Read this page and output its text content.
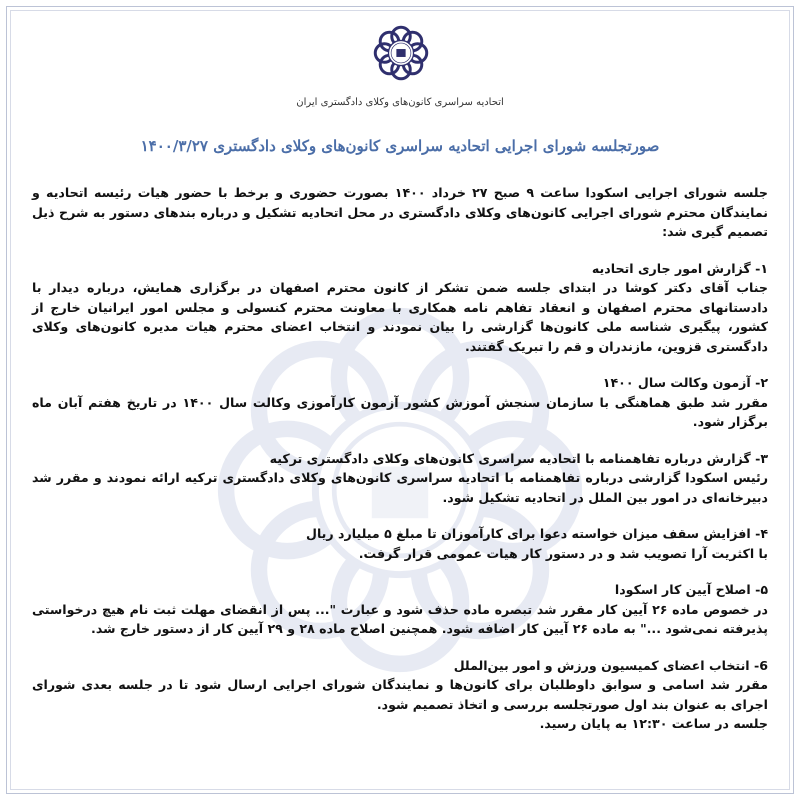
اتحادیه سراسری کانون‌های وکلای دادگستری ایران
صورتجلسه شورای اجرایی اتحادیه سراسری کانون‌های وکلای دادگستری ۱۴۰۰/۳/۲۷

جلسه شورای اجرایی اسکودا ساعت ۹ صبح ۲۷ خرداد ۱۴۰۰ بصورت حضوری و برخط با حضور هیات رئیسه اتحادیه و نمایندگان محترم شورای اجرایی کانون‌های وکلای دادگستری در محل اتحادیه تشکیل و درباره بندهای دستور به شرح ذیل تصمیم گیری شد:

۱- گزارش امور جاری اتحادیه

جناب آقای دکتر کوشا در ابتدای جلسه ضمن تشکر از کانون محترم اصفهان در برگزاری همایش، درباره دیدار با دادستانهای محترم اصفهان و انعقاد تفاهم نامه همکاری با معاونت محترم کنسولی و مجلس امور ایرانیان خارج از کشور، پیگیری شناسه ملی کانون‌ها گزارشی را بیان نمودند و انتخاب اعضای محترم هیات مدیره کانون‌های وکلای دادگستری قزوین، مازندران و قم را تبریک گفتند.

۲- آزمون وکالت سال ۱۴۰۰

مقرر شد طبق هماهنگی با سازمان سنجش آموزش کشور آزمون کارآموزی وکالت سال ۱۴۰۰ در تاریخ هفتم آبان ماه برگزار شود.

۳- گزارش درباره تفاهمنامه با اتحادیه سراسری کانون‌های وکلای دادگستری ترکیه

رئیس اسکودا گزارشی درباره تفاهمنامه با اتحادیه سراسری کانون‌های وکلای دادگستری ترکیه ارائه نمودند و مقرر شد دبیرخانه‌ای در امور بین الملل در اتحادیه تشکیل شود.

۴- افزایش سقف میزان خواسته دعوا برای کارآموزان تا مبلغ ۵ میلیارد ریال

با اکثریت آرا تصویب شد و در دستور کار هیات عمومی قرار گرفت.

۵- اصلاح آیین کار اسکودا

در خصوص ماده ۲۶ آیین کار مقرر شد تبصره ماده حذف شود و عبارت "... پس از انقضای مهلت ثبت نام هیچ درخواستی پذیرفته نمی‌شود ..." به ماده ۲۶ آیین کار اضافه شود. همچنین اصلاح ماده ۲۸ و ۲۹ آیین کار از دستور خارج شد.

6- انتخاب اعضای کمیسیون ورزش و امور بین‌الملل

مقرر شد اسامی و سوابق داوطلبان برای کانون‌ها و نمایندگان شورای اجرایی ارسال شود تا در جلسه بعدی شورای اجرای به عنوان بند اول صورتجلسه بررسی و اتخاذ تصمیم شود.

جلسه در ساعت ۱۲:۳۰ به پایان رسید.
